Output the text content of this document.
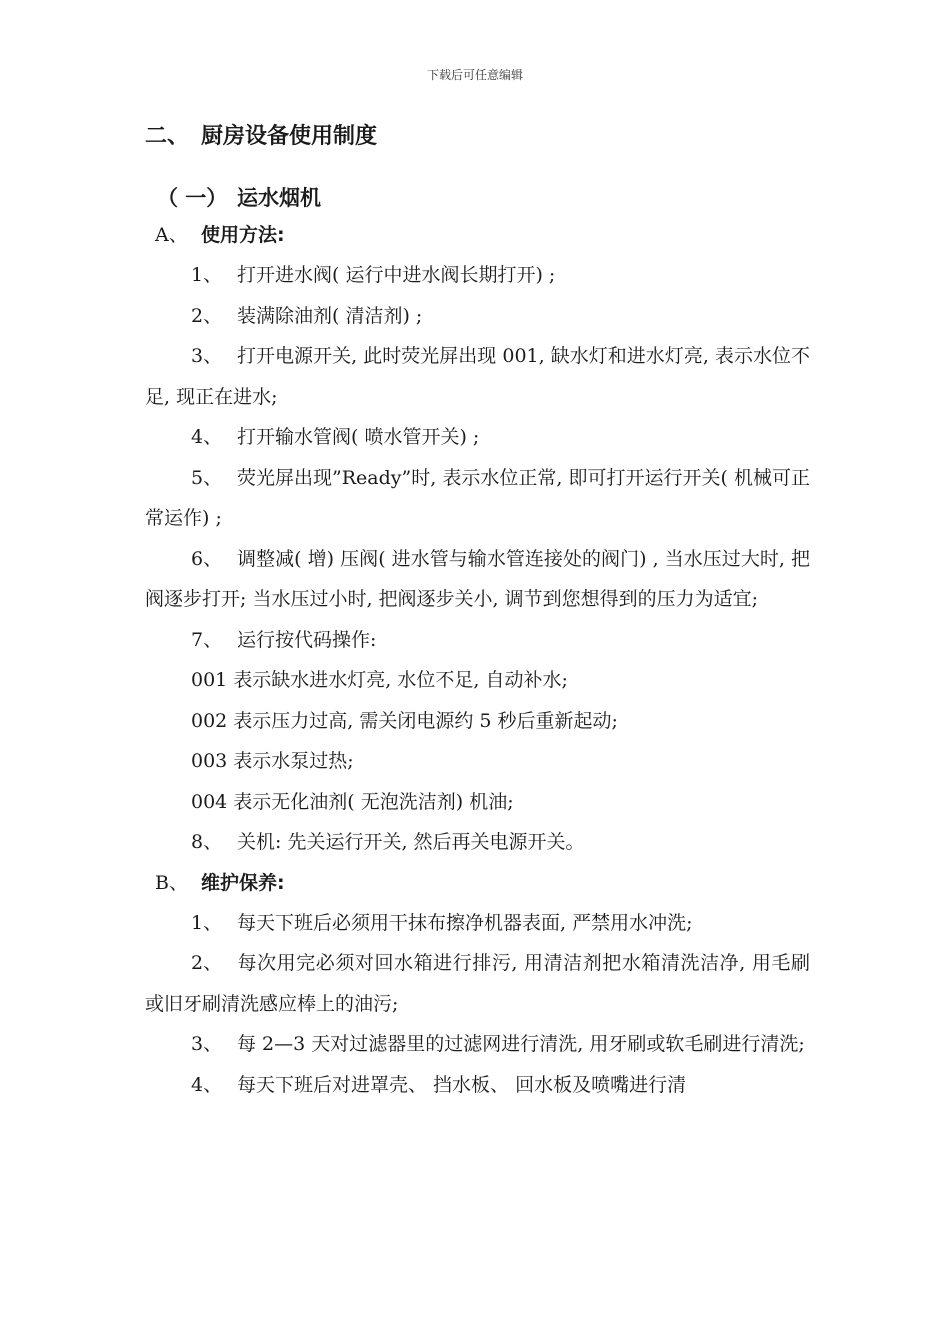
下载后可任意编辑
二、 厨房设备使用制度
（ 一） 运水烟机
A、 使用方法:
1、 打开进水阀( 运行中进水阀长期打开) ;
2、 装满除油剂( 清洁剂) ;
3、 打开电源开关, 此时荧光屏出现 001, 缺水灯和进水灯亮, 表示水位不足, 现正在进水;
4、 打开输水管阀( 喷水管开关) ;
5、 荧光屏出现”Ready”时, 表示水位正常, 即可打开运行开关( 机械可正常运作) ;
6、 调整减( 增) 压阀( 进水管与输水管连接处的阀门) , 当水压过大时, 把阀逐步打开; 当水压过小时, 把阀逐步关小, 调节到您想得到的压力为适宜;
7、 运行按代码操作:
001 表示缺水进水灯亮, 水位不足, 自动补水;
002 表示压力过高, 需关闭电源约 5 秒后重新起动;
003 表示水泵过热;
004 表示无化油剂( 无泡洗洁剂) 机油;
8、 关机: 先关运行开关, 然后再关电源开关。
B、 维护保养:
1、 每天下班后必须用干抹布擦净机器表面, 严禁用水冲洗;
2、 每次用完必须对回水箱进行排污, 用清洁剂把水箱清洗洁净, 用毛刷或旧牙刷清洗感应棒上的油污;
3、 每 2—3 天对过滤器里的过滤网进行清洗, 用牙刷或软毛刷进行清洗;
4、 每天下班后对进罩壳、 挡水板、 回水板及喷嘴进行清
